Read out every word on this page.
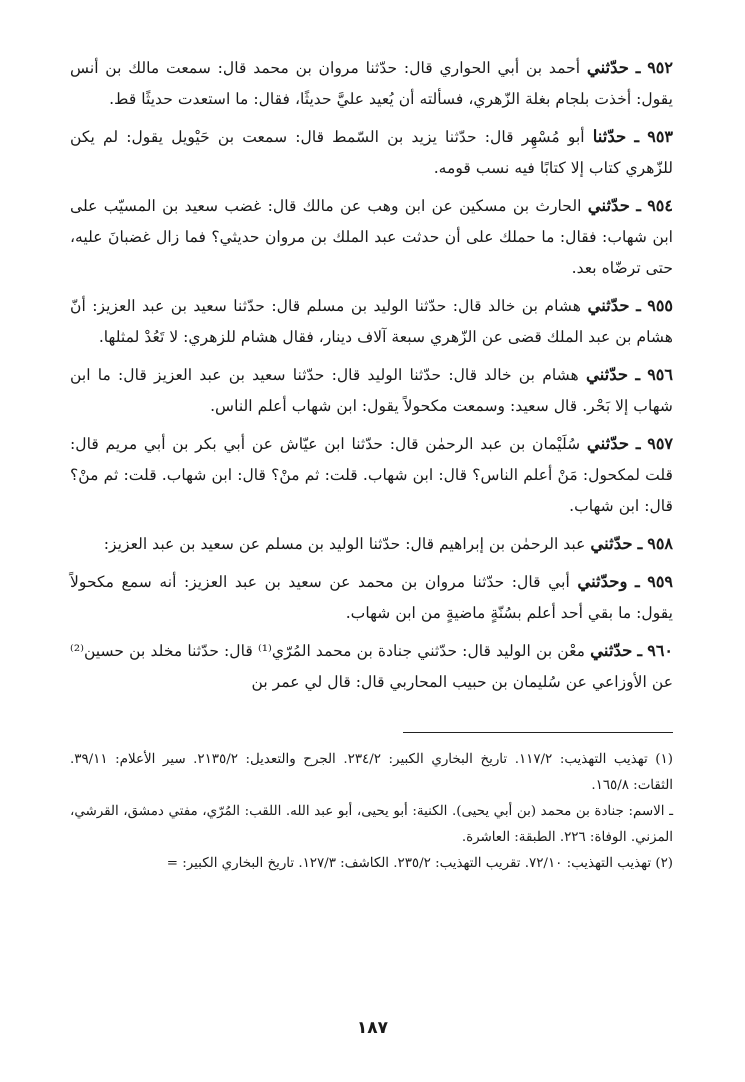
٩٥٢ ـ حدّثني أحمد بن أبي الحواري قال: حدّثنا مروان بن محمد قال: سمعت مالك بن أنس يقول: أخذت بلجام بغلة الزّهري، فسألته أن يُعيد عليَّ حديثًا، فقال: ما استعدت حديثًا قط.

٩٥٣ ـ حدّثنا أبو مُسْهِر قال: حدّثنا يزيد بن السّمط قال: سمعت بن حَيْويل يقول: لم يكن للزّهري كتاب إلا كتابًا فيه نسب قومه.

٩٥٤ ـ حدّثني الحارث بن مسكين عن ابن وهب عن مالك قال: غضب سعيد بن المسيّب على ابن شهاب: فقال: ما حملك على أن حدثت عبد الملك بن مروان حديثي؟ فما زال غضبانَ عليه، حتى ترضّاه بعد.

٩٥٥ ـ حدّثني هشام بن خالد قال: حدّثنا الوليد بن مسلم قال: حدّثنا سعيد بن عبد العزيز: أنّ هشام بن عبد الملك قضى عن الزّهري سبعة آلاف دينار، فقال هشام للزهري: لا تَعُدْ لمثلها.

٩٥٦ ـ حدّثني هشام بن خالد قال: حدّثنا الوليد قال: حدّثنا سعيد بن عبد العزيز قال: ما ابن شهاب إلا بَحْر. قال سعيد: وسمعت مكحولاً يقول: ابن شهاب أعلم الناس.

٩٥٧ ـ حدّثني سُلَيْمان بن عبد الرحمٰن قال: حدّثنا ابن عيّاش عن أبي بكر بن أبي مريم قال: قلت لمكحول: مَنْ أعلم الناس؟ قال: ابن شهاب. قلت: ثم منْ؟ قال: ابن شهاب. قلت: ثم منْ؟ قال: ابن شهاب.

٩٥٨ ـ حدّثني عبد الرحمٰن بن إبراهيم قال: حدّثنا الوليد بن مسلم عن سعيد بن عبد العزيز:

٩٥٩ ـ وحدّثني أبي قال: حدّثنا مروان بن محمد عن سعيد بن عبد العزيز: أنه سمع مكحولاً يقول: ما بقي أحد أعلم بسُنّةٍ ماضيةٍ من ابن شهاب.

٩٦٠ ـ حدّثني معْن بن الوليد قال: حدّثني جنادة بن محمد المُرّي⁽¹⁾ قال: حدّثنا مخلد بن حسين⁽²⁾ عن الأوزاعي عن سُليمان بن حبيب المحاربي قال: قال لي عمر بن

(١) تهذيب التهذيب: ١١٧/٢. تاريخ البخاري الكبير: ٢٣٤/٢. الجرح والتعديل: ٢١٣٥/٢. سير الأعلام: ٣٩/١١. الثقات: ١٦٥/٨.

ـ الاسم: جنادة بن محمد (بن أبي يحيى). الكنية: أبو يحيى، أبو عبد الله. اللقب: المُرّي، مفتي دمشق، القرشي، المزني. الوفاة: ٢٢٦. الطبقة: العاشرة.

(٢) تهذيب التهذيب: ٧٢/١٠. تقريب التهذيب: ٢٣٥/٢. الكاشف: ١٢٧/٣. تاريخ البخاري الكبير: =

١٨٧
